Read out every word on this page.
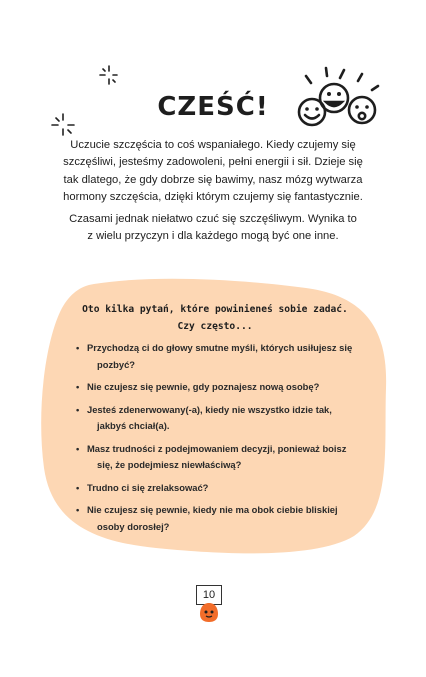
CZEŚĆ!
Uczucie szczęścia to coś wspaniałego. Kiedy czujemy się
szczęśliwi, jesteśmy zadowoleni, pełni energii i sił. Dzieje się
tak dlatego, że gdy dobrze się bawimy, nasz mózg wytwarza
hormony szczęścia, dzięki którym czujemy się fantastycznie.
Czasami jednak niełatwo czuć się szczęśliwym. Wynika to
z wielu przyczyn i dla każdego mogą być one inne.
Oto kilka pytań, które powinieneś sobie zadać.
Czy często...
• Przychodzą ci do głowy smutne myśli, których usiłujesz się
pozbyć?
• Nie czujesz się pewnie, gdy poznajesz nową osobę?
• Jesteś zdenerwowany(-a), kiedy nie wszystko idzie tak,
jakbyś chciał(a).
• Masz trudności z podejmowaniem decyzji, ponieważ boisz
się, że podejmiesz niewłaściwą?
• Trudno ci się zrelaksować?
• Nie czujesz się pewnie, kiedy nie ma obok ciebie bliskiej
osoby dorosłej?
10
